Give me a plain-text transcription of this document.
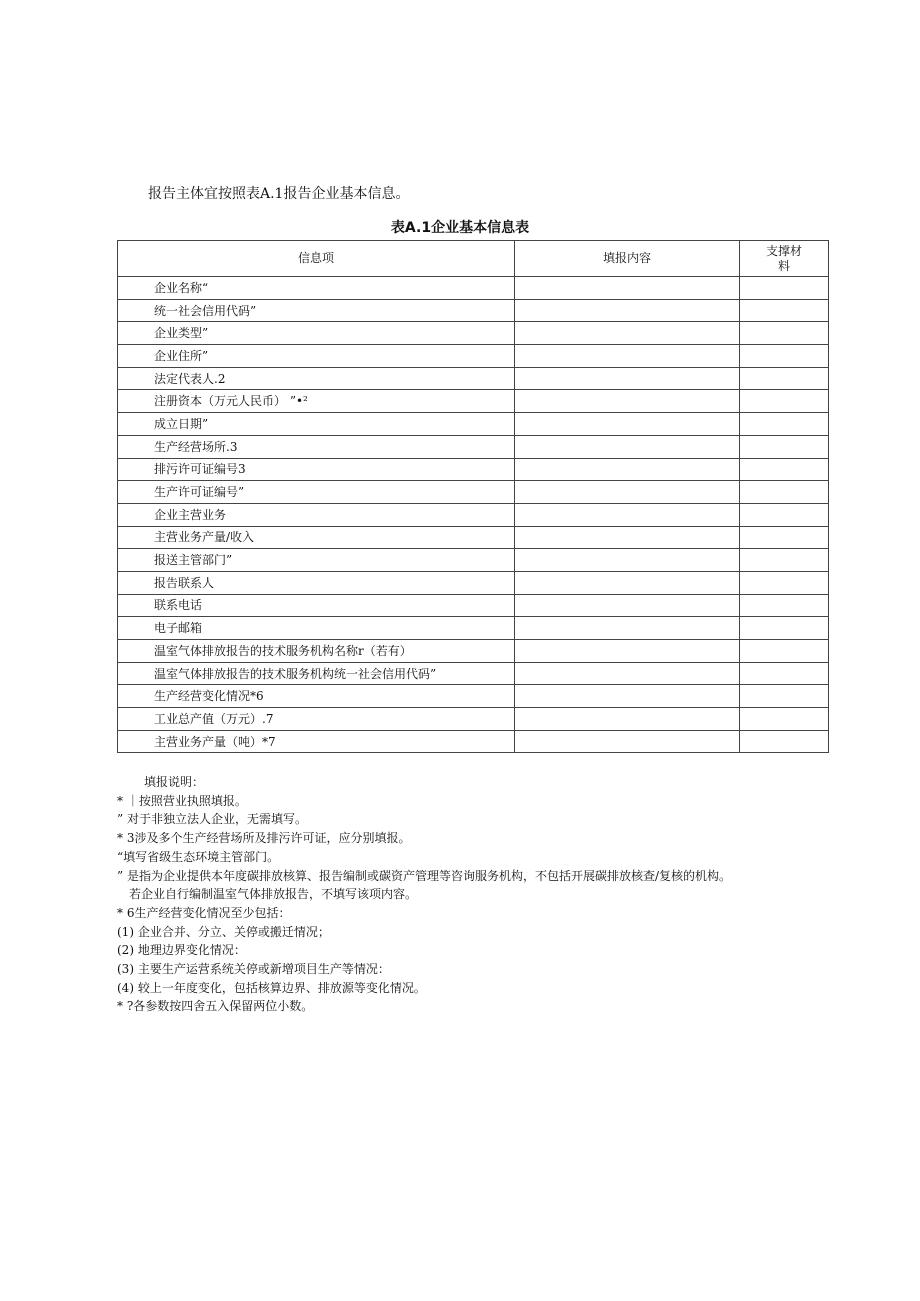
报告主体宜按照表A.1报告企业基本信息。
表A.1企业基本信息表
信息项	填报内容	支撑材
料
企业名称“		
统一社会信用代码”		
企业类型”		
企业住所”		
法定代表人.2		
注册资本（万元人民币） ”•²		
成立日期”		
生产经营场所.3		
排污许可证编号3		
生产许可证编号”		
企业主营业务		
主营业务产量/收入		
报送主管部门”		
报告联系人		
联系电话		
电子邮箱		
温室气体排放报告的技术服务机构名称r（若有）		
温室气体排放报告的技术服务机构统一社会信用代码”		
生产经营变化情况*6		
工业总产值（万元）.7		
主营业务产量（吨）*7		
填报说明：
* ｜按照营业执照填报。
” 对于非独立法人企业，无需填写。
* 3涉及多个生产经营场所及排污许可证，应分别填报。
“填写省级生态环境主管部门。
” 是指为企业提供本年度碳排放核算、报告编制或碳资产管理等咨询服务机构，不包括开展碳排放核查/复核的机构。
若企业自行编制温室气体排放报告，不填写该项内容。
* 6生产经营变化情况至少包括：
(1) 企业合并、分立、关停或搬迁情况；
(2) 地理边界变化情况：
(3) 主要生产运营系统关停或新增项目生产等情况：
(4) 较上一年度变化，包括核算边界、排放源等变化情况。
* ?各参数按四舍五入保留两位小数。
